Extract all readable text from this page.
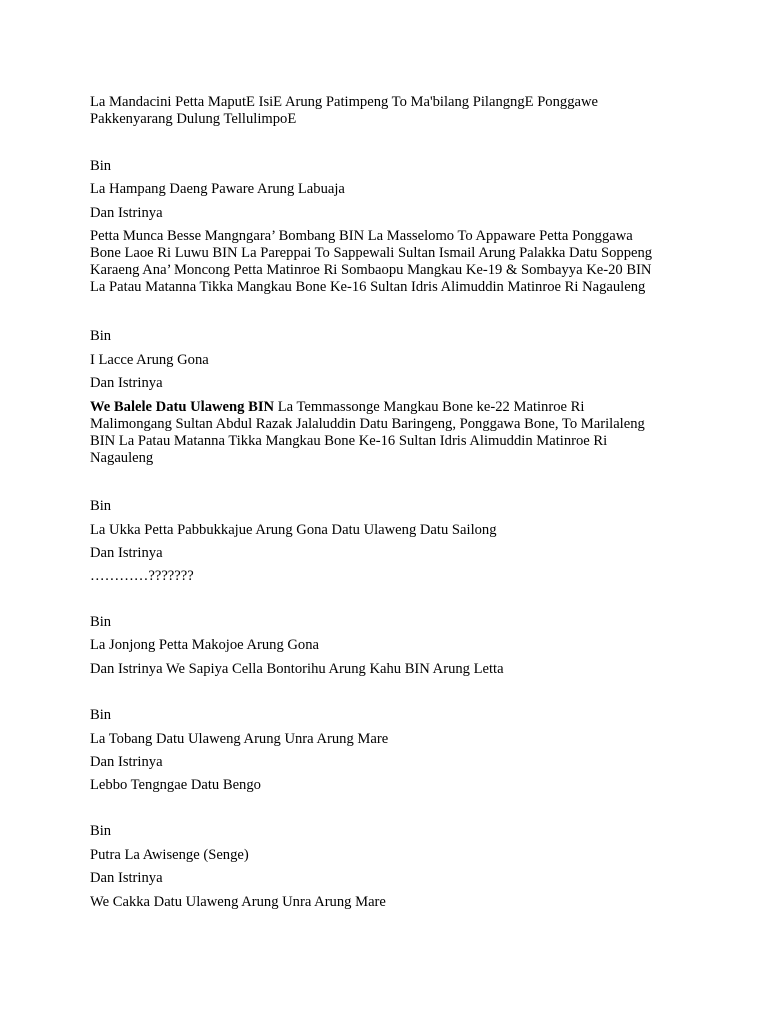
La Mandacini Petta MaputE IsiE Arung Patimpeng To Ma'bilang PilangngE Ponggawe
Pakkenyarang Dulung TellulimpoE

Bin

La Hampang Daeng Paware Arung Labuaja

Dan Istrinya

Petta Munca Besse Mangngara’ Bombang BIN La Masselomo To Appaware Petta Ponggawa
Bone Laoe Ri Luwu BIN La Pareppai To Sappewali Sultan Ismail Arung Palakka Datu Soppeng
Karaeng Ana’ Moncong Petta Matinroe Ri Sombaopu Mangkau Ke-19 & Sombayya Ke-20 BIN
La Patau Matanna Tikka Mangkau Bone Ke-16 Sultan Idris Alimuddin Matinroe Ri Nagauleng

Bin

I Lacce Arung Gona

Dan Istrinya

We Balele Datu Ulaweng BIN La Temmassonge Mangkau Bone ke-22 Matinroe Ri
Malimongang Sultan Abdul Razak Jalaluddin Datu Baringeng, Ponggawa Bone, To Marilaleng
BIN La Patau Matanna Tikka Mangkau Bone Ke-16 Sultan Idris Alimuddin Matinroe Ri
Nagauleng

Bin

La Ukka Petta Pabbukkajue Arung Gona Datu Ulaweng Datu Sailong

Dan Istrinya

…………???????

Bin

La Jonjong Petta Makojoe Arung Gona

Dan Istrinya We Sapiya Cella Bontorihu Arung Kahu BIN Arung Letta

Bin

La Tobang Datu Ulaweng Arung Unra Arung Mare

Dan Istrinya

Lebbo Tengngae Datu Bengo

Bin

Putra La Awisenge (Senge)

Dan Istrinya

We Cakka Datu Ulaweng Arung Unra Arung Mare
